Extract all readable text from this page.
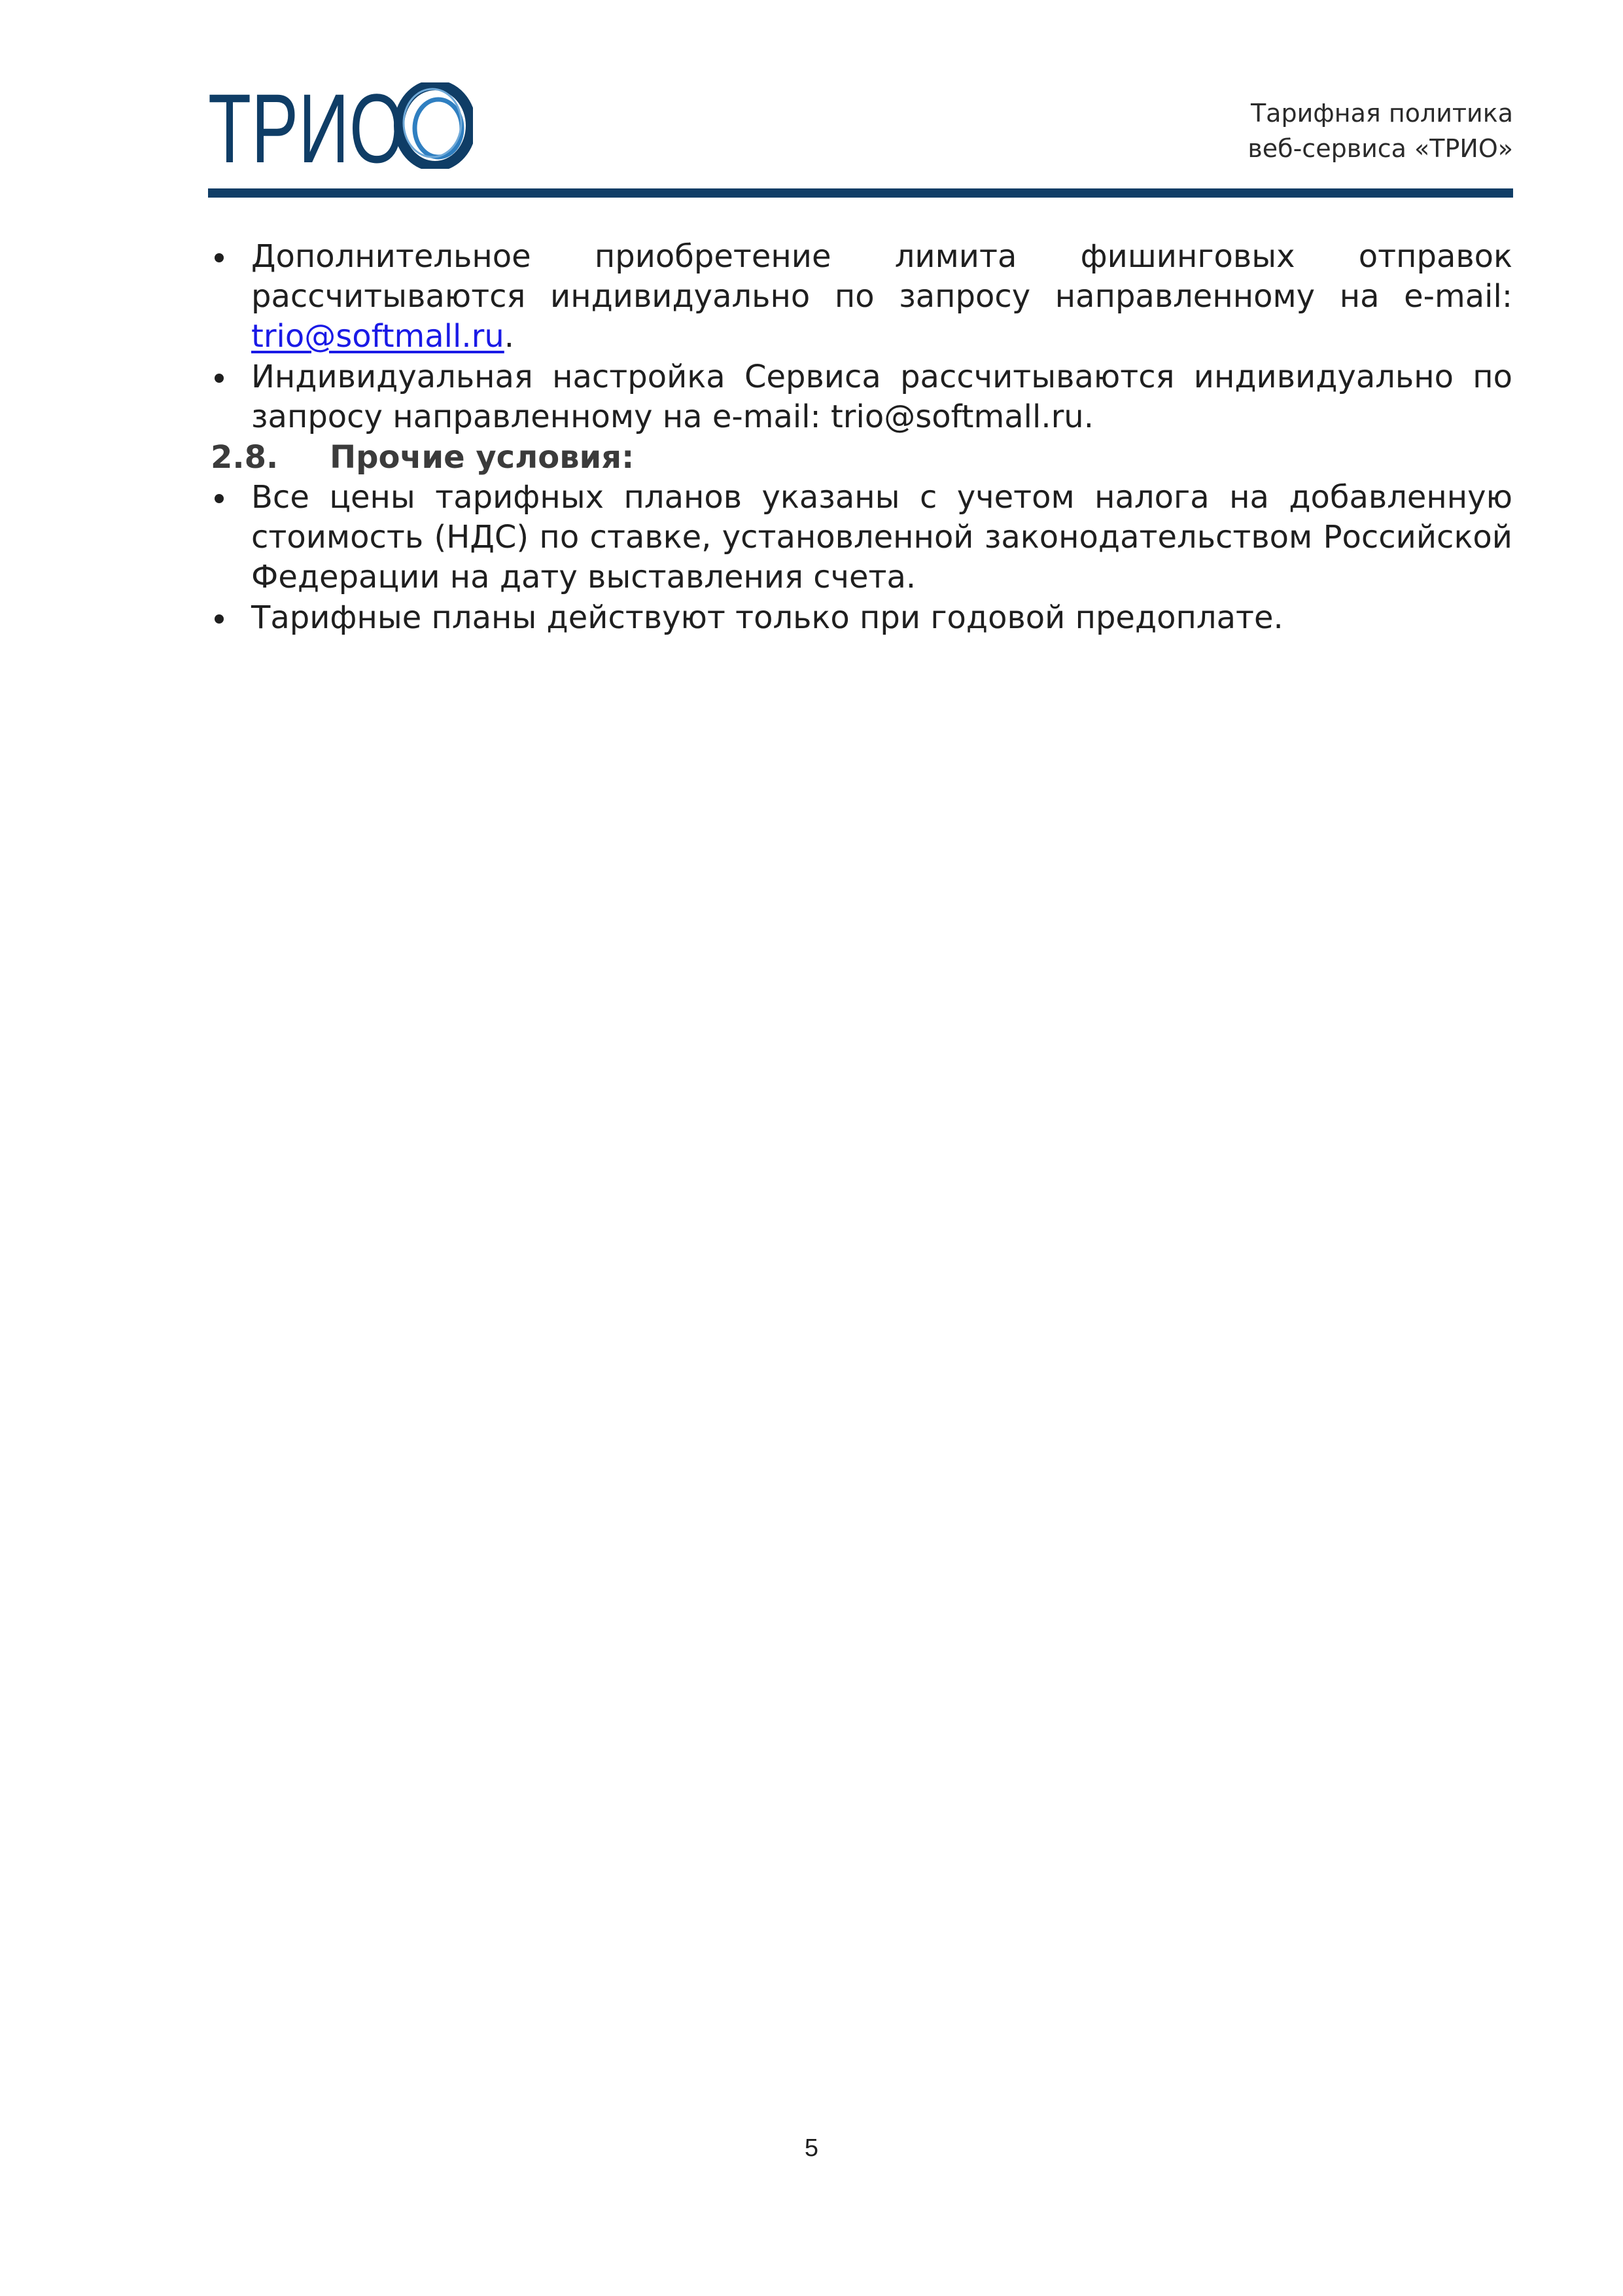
ТРИО	Тарифная политика
веб-сервиса «ТРИО»
Дополнительное приобретение лимита фишинговых отправок рассчитываются индивидуально по запросу направленному на e-mail: trio@softmall.ru.
Индивидуальная настройка Сервиса рассчитываются индивидуально по запросу направленному на e-mail: trio@softmall.ru.
2.8. Прочие условия:
Все цены тарифных планов указаны с учетом налога на добавленную стоимость (НДС) по ставке, установленной законодательством Российской Федерации на дату выставления счета.
Тарифные планы действуют только при годовой предоплате.
5
